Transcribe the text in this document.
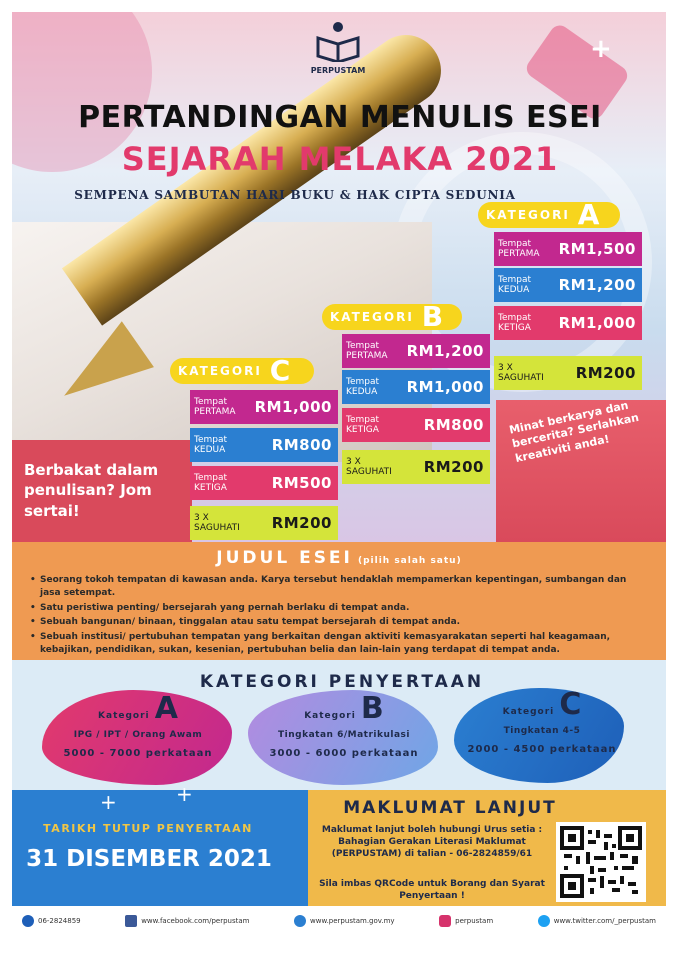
+
PERPUSTAM
PERTANDINGAN MENULIS ESEI
SEJARAH MELAKA 2021
SEMPENA SAMBUTAN HARI BUKU & HAK CIPTA SEDUNIA
KATEGORI A
Tempat PERTAMA	RM1,500
Tempat KEDUA	RM1,200
Tempat KETIGA	RM1,000
3 X SAGUHATI	RM200
KATEGORI B
Tempat PERTAMA	RM1,200
Tempat KEDUA	RM1,000
Tempat KETIGA	RM800
3 X SAGUHATI	RM200
KATEGORI C
Tempat PERTAMA	RM1,000
Tempat KEDUA	RM800
Tempat KETIGA	RM500
3 X SAGUHATI	RM200
Berbakat dalam penulisan? Jom sertai!
Minat berkarya dan bercerita? Serlahkan kreativiti anda!
JUDUL ESEI (pilih salah satu)
• Seorang tokoh tempatan di kawasan anda. Karya tersebut hendaklah mempamerkan kepentingan, sumbangan dan jasa setempat.
• Satu peristiwa penting/ bersejarah yang pernah berlaku di tempat anda.
• Sebuah bangunan/ binaan, tinggalan atau satu tempat bersejarah di tempat anda.
• Sebuah institusi/ pertubuhan tempatan yang berkaitan dengan aktiviti kemasyarakatan seperti hal keagamaan, kebajikan, pendidikan, sukan, kesenian, pertubuhan belia dan lain-lain yang terdapat di tempat anda.
KATEGORI PENYERTAAN
Kategori A
IPG / IPT / Orang Awam
5000 - 7000 perkataan
Kategori B
Tingkatan 6/Matrikulasi
3000 - 6000 perkataan
Kategori C
Tingkatan 4-5
2000 - 4500 perkataan
+	+
TARIKH TUTUP PENYERTAAN
31 DISEMBER 2021
MAKLUMAT LANJUT
Maklumat lanjut boleh hubungi Urus setia : Bahagian Gerakan Literasi Maklumat (PERPUSTAM) di talian - 06-2824859/61
Sila imbas QRCode untuk Borang dan Syarat Penyertaan !
06-2824859	www.facebook.com/perpustam	www.perpustam.gov.my	perpustam	www.twitter.com/_perpustam
